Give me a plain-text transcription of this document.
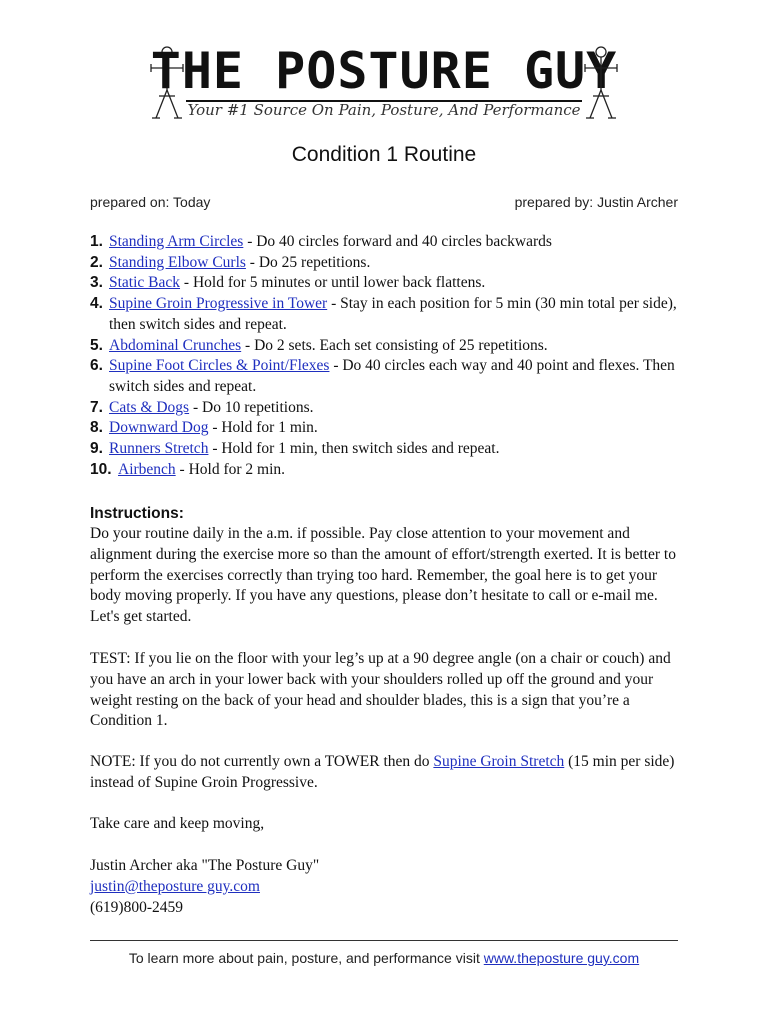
THE POSTURE GUY
Your #1 Source On Pain, Posture, And Performance
Condition 1 Routine
prepared on: Today	prepared by: Justin Archer
1. Standing Arm Circles - Do 40 circles forward and 40 circles backwards
2. Standing Elbow Curls - Do 25 repetitions.
3. Static Back - Hold for 5 minutes or until lower back flattens.
4. Supine Groin Progressive in Tower - Stay in each position for 5 min (30 min total per side), then switch sides and repeat.
5. Abdominal Crunches - Do 2 sets. Each set consisting of 25 repetitions.
6. Supine Foot Circles & Point/Flexes - Do 40 circles each way and 40 point and flexes. Then switch sides and repeat.
7. Cats & Dogs - Do 10 repetitions.
8. Downward Dog - Hold for 1 min.
9. Runners Stretch - Hold for 1 min, then switch sides and repeat.
10. Airbench - Hold for 2 min.
Instructions:

Do your routine daily in the a.m. if possible. Pay close attention to your movement and alignment during the exercise more so than the amount of effort/strength exerted. It is better to perform the exercises correctly than trying too hard. Remember, the goal here is to get your body moving properly. If you have any questions, please don’t hesitate to call or e-mail me. Let's get started.

TEST: If you lie on the floor with your leg’s up at a 90 degree angle (on a chair or couch) and you have an arch in your lower back with your shoulders rolled up off the ground and your weight resting on the back of your head and shoulder blades, this is a sign that you’re a Condition 1.

NOTE: If you do not currently own a TOWER then do Supine Groin Stretch (15 min per side) instead of Supine Groin Progressive.

Take care and keep moving,

Justin Archer aka "The Posture Guy"
justin@theposture guy.com
(619)800-2459

To learn more about pain, posture, and performance visit www.theposture guy.com
